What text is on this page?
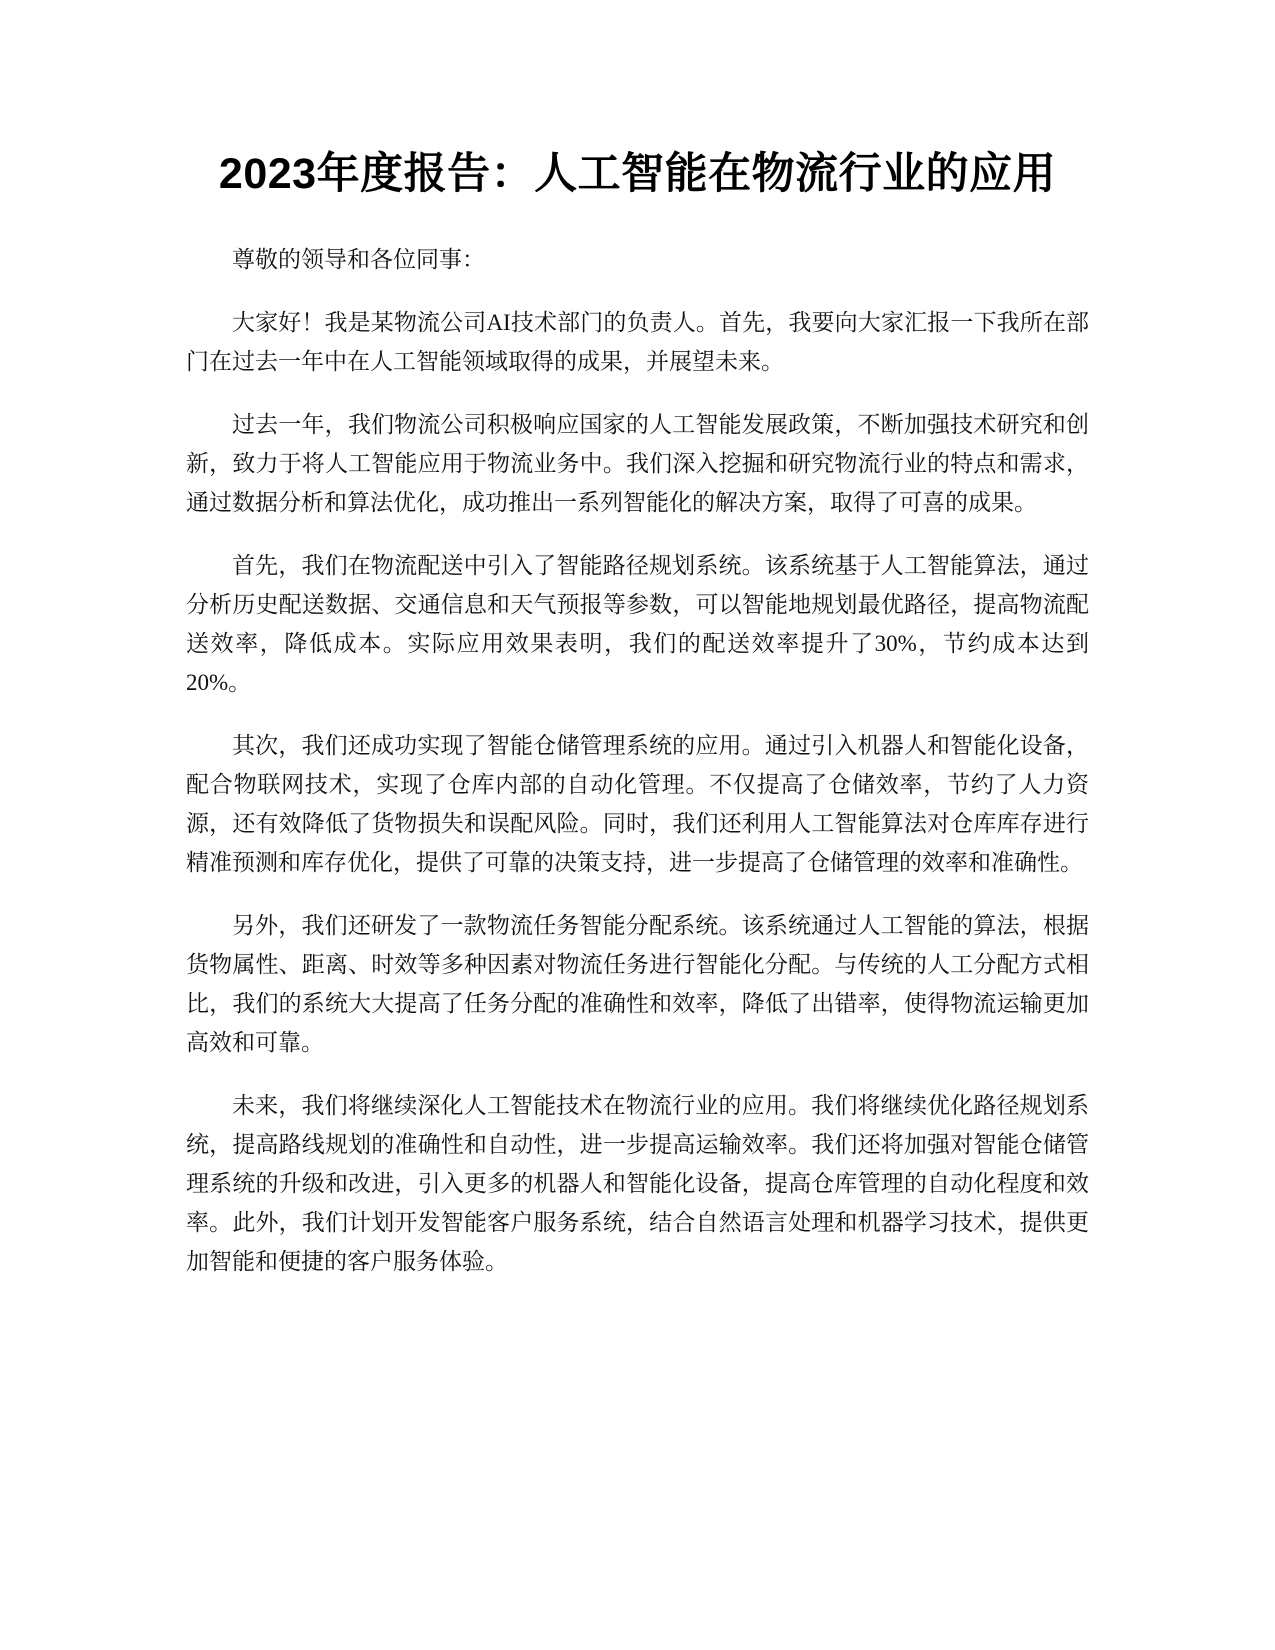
2023年度报告：人工智能在物流行业的应用

尊敬的领导和各位同事：

大家好！我是某物流公司AI技术部门的负责人。首先，我要向大家汇报一下我所在部门在过去一年中在人工智能领域取得的成果，并展望未来。

过去一年，我们物流公司积极响应国家的人工智能发展政策，不断加强技术研究和创新，致力于将人工智能应用于物流业务中。我们深入挖掘和研究物流行业的特点和需求，通过数据分析和算法优化，成功推出一系列智能化的解决方案，取得了可喜的成果。

首先，我们在物流配送中引入了智能路径规划系统。该系统基于人工智能算法，通过分析历史配送数据、交通信息和天气预报等参数，可以智能地规划最优路径，提高物流配送效率，降低成本。实际应用效果表明，我们的配送效率提升了30%，节约成本达到20%。

其次，我们还成功实现了智能仓储管理系统的应用。通过引入机器人和智能化设备，配合物联网技术，实现了仓库内部的自动化管理。不仅提高了仓储效率，节约了人力资源，还有效降低了货物损失和误配风险。同时，我们还利用人工智能算法对仓库库存进行精准预测和库存优化，提供了可靠的决策支持，进一步提高了仓储管理的效率和准确性。

另外，我们还研发了一款物流任务智能分配系统。该系统通过人工智能的算法，根据货物属性、距离、时效等多种因素对物流任务进行智能化分配。与传统的人工分配方式相比，我们的系统大大提高了任务分配的准确性和效率，降低了出错率，使得物流运输更加高效和可靠。

未来，我们将继续深化人工智能技术在物流行业的应用。我们将继续优化路径规划系统，提高路线规划的准确性和自动性，进一步提高运输效率。我们还将加强对智能仓储管理系统的升级和改进，引入更多的机器人和智能化设备，提高仓库管理的自动化程度和效率。此外，我们计划开发智能客户服务系统，结合自然语言处理和机器学习技术，提供更加智能和便捷的客户服务体验。
